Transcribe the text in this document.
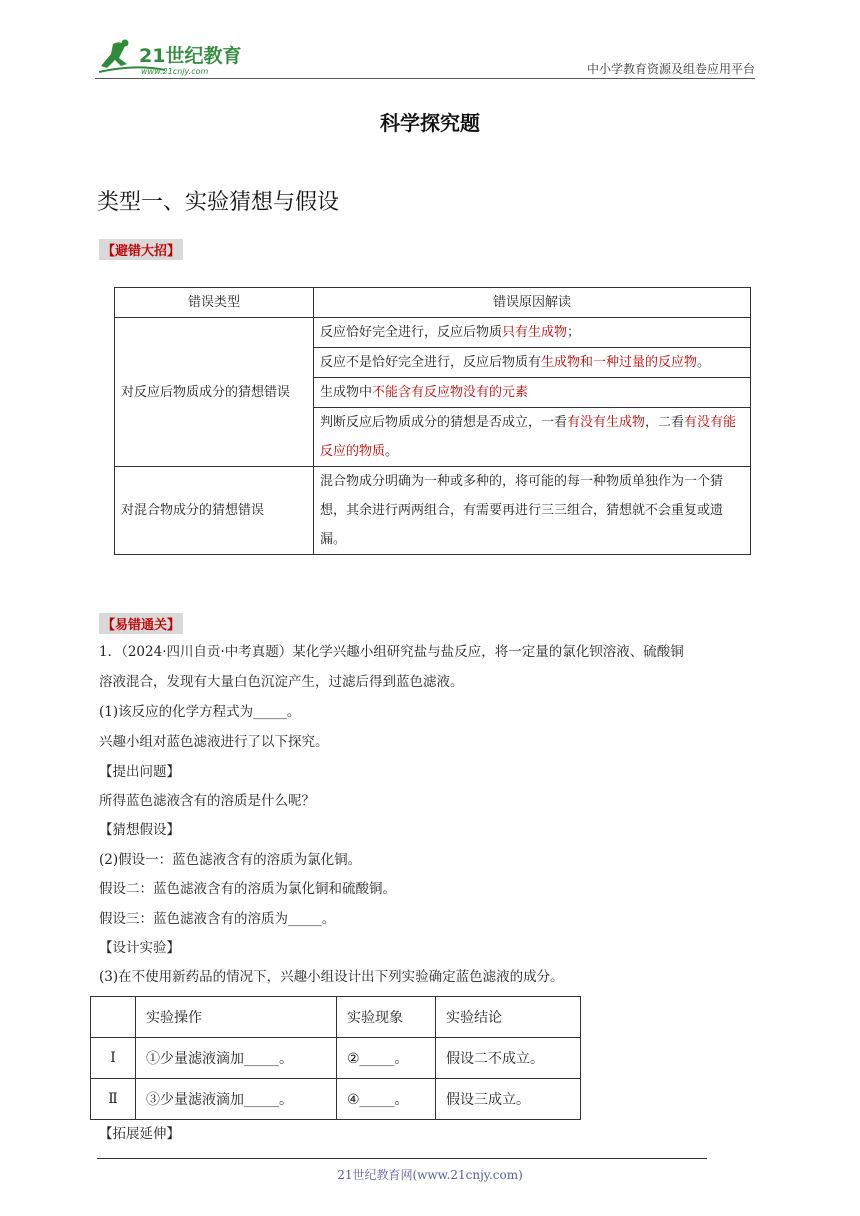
21世纪教育
www.21cnjy.com	中小学教育资源及组卷应用平台
科学探究题
类型一、实验猜想与假设
【避错大招】
错误类型	错误原因解读
对反应后物质成分的猜想错误	反应恰好完全进行，反应后物质只有生成物；
	反应不是恰好完全进行，反应后物质有生成物和一种过量的反应物。
	生成物中不能含有反应物没有的元素
	判断反应后物质成分的猜想是否成立，一看有没有生成物，二看有没有能反应的物质。
对混合物成分的猜想错误	混合物成分明确为一种或多种的，将可能的每一种物质单独作为一个猜想，其余进行两两组合，有需要再进行三三组合，猜想就不会重复或遗漏。
【易错通关】
1．（2024·四川自贡·中考真题）某化学兴趣小组研究盐与盐反应，将一定量的氯化钡溶液、硫酸铜
溶液混合，发现有大量白色沉淀产生，过滤后得到蓝色滤液。
(1)该反应的化学方程式为_____。
兴趣小组对蓝色滤液进行了以下探究。
【提出问题】
所得蓝色滤液含有的溶质是什么呢？
【猜想假设】
(2)假设一：蓝色滤液含有的溶质为氯化铜。
假设二：蓝色滤液含有的溶质为氯化铜和硫酸铜。
假设三：蓝色滤液含有的溶质为_____。
【设计实验】
(3)在不使用新药品的情况下，兴趣小组设计出下列实验确定蓝色滤液的成分。
	实验操作	实验现象	实验结论
Ⅰ	①少量滤液滴加_____。	②_____。	假设二不成立。
Ⅱ	③少量滤液滴加_____。	④_____。	假设三成立。
【拓展延伸】
21世纪教育网(www.21cnjy.com)
